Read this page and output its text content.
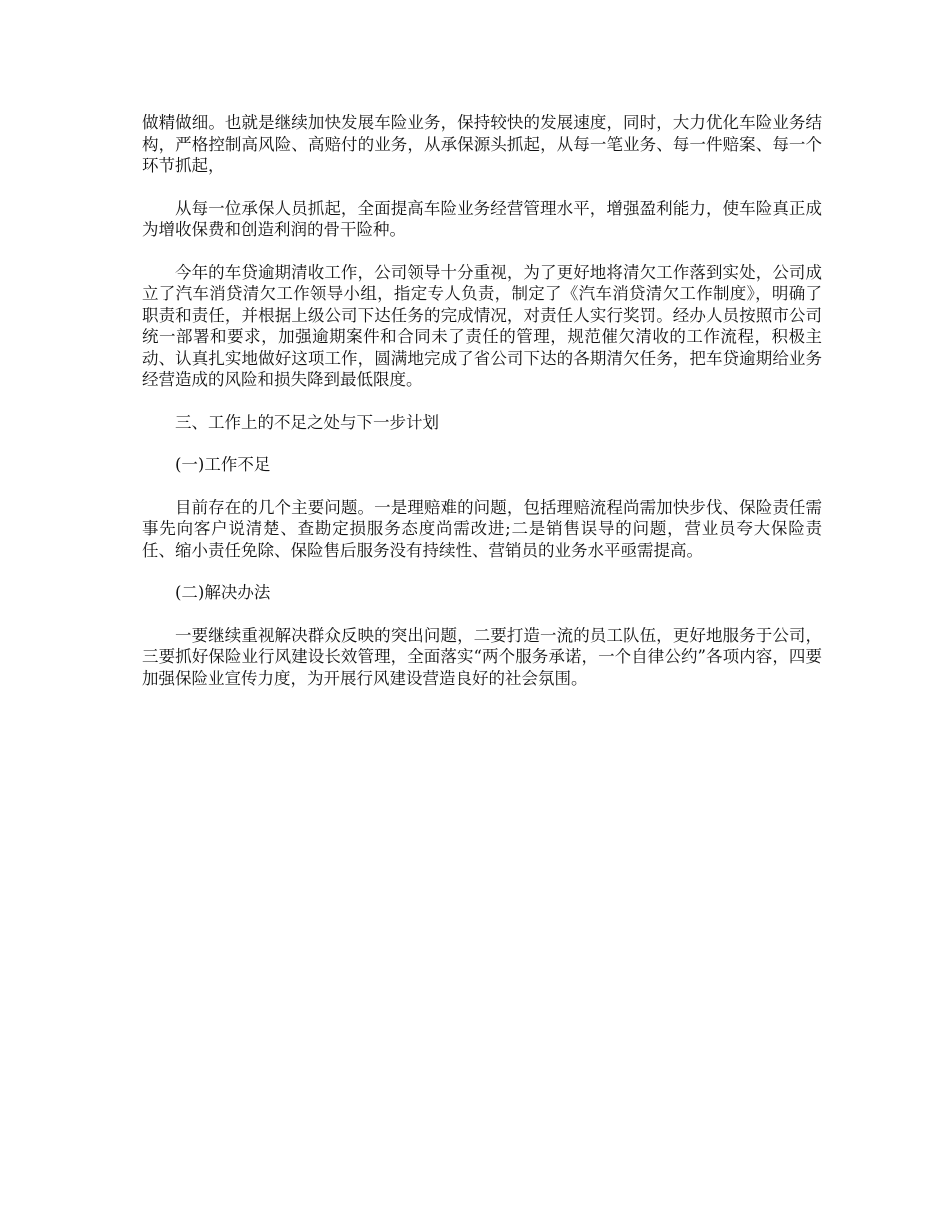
做精做细。也就是继续加快发展车险业务，保持较快的发展速度，同时，大力优化车险业务结构，严格控制高风险、高赔付的业务，从承保源头抓起，从每一笔业务、每一件赔案、每一个环节抓起，

从每一位承保人员抓起，全面提高车险业务经营管理水平，增强盈利能力，使车险真正成为增收保费和创造利润的骨干险种。

今年的车贷逾期清收工作，公司领导十分重视，为了更好地将清欠工作落到实处，公司成立了汽车消贷清欠工作领导小组，指定专人负责，制定了《汽车消贷清欠工作制度》，明确了职责和责任，并根据上级公司下达任务的完成情况，对责任人实行奖罚。经办人员按照市公司统一部署和要求，加强逾期案件和合同未了责任的管理，规范催欠清收的工作流程，积极主动、认真扎实地做好这项工作，圆满地完成了省公司下达的各期清欠任务，把车贷逾期给业务经营造成的风险和损失降到最低限度。

三、工作上的不足之处与下一步计划

(一)工作不足

目前存在的几个主要问题。一是理赔难的问题，包括理赔流程尚需加快步伐、保险责任需事先向客户说清楚、查勘定损服务态度尚需改进;二是销售误导的问题，营业员夸大保险责任、缩小责任免除、保险售后服务没有持续性、营销员的业务水平亟需提高。

(二)解决办法

一要继续重视解决群众反映的突出问题，二要打造一流的员工队伍，更好地服务于公司，三要抓好保险业行风建设长效管理，全面落实“两个服务承诺，一个自律公约”各项内容，四要加强保险业宣传力度，为开展行风建设营造良好的社会氛围。
